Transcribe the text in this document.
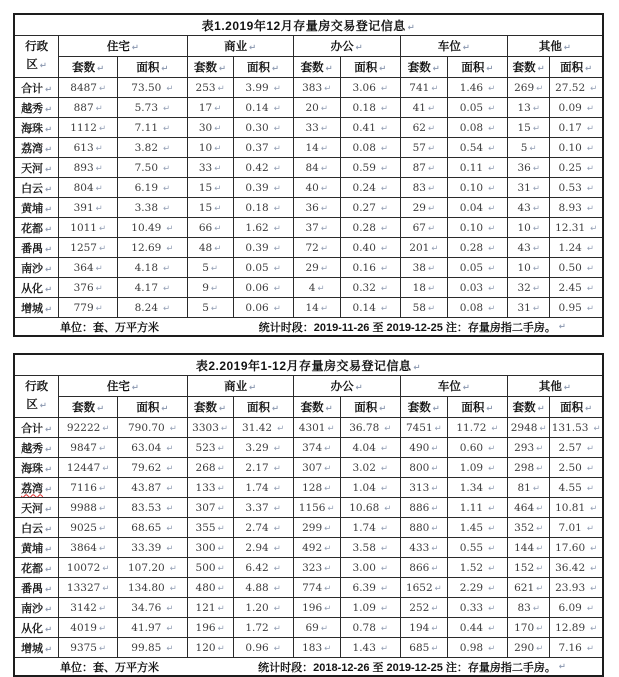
表1.2019年12月存量房交易登记信息 ↵										
行政
区 ↵	住宅 ↵		商业 ↵		办公 ↵		车位 ↵		其他 ↵	
	套数 ↵	面积 ↵	套数 ↵	面积 ↵	套数 ↵	面积 ↵	套数 ↵	面积 ↵	套数 ↵	面积 ↵
合计 ↵	8487 ↵	73.50 ↵	253 ↵	3.99 ↵	383 ↵	3.06 ↵	741 ↵	1.46 ↵	269 ↵	27.52 ↵
越秀 ↵	887 ↵	5.73 ↵	17 ↵	0.14 ↵	20 ↵	0.18 ↵	41 ↵	0.05 ↵	13 ↵	0.09 ↵
海珠 ↵	1112 ↵	7.11 ↵	30 ↵	0.30 ↵	33 ↵	0.41 ↵	62 ↵	0.08 ↵	15 ↵	0.17 ↵
荔湾 ↵	613 ↵	3.82 ↵	10 ↵	0.37 ↵	14 ↵	0.08 ↵	57 ↵	0.54 ↵	5 ↵	0.10 ↵
天河 ↵	893 ↵	7.50 ↵	33 ↵	0.42 ↵	84 ↵	0.59 ↵	87 ↵	0.11 ↵	36 ↵	0.25 ↵
白云 ↵	804 ↵	6.19 ↵	15 ↵	0.39 ↵	40 ↵	0.24 ↵	83 ↵	0.10 ↵	31 ↵	0.53 ↵
黄埔 ↵	391 ↵	3.38 ↵	15 ↵	0.18 ↵	36 ↵	0.27 ↵	29 ↵	0.04 ↵	43 ↵	8.93 ↵
花都 ↵	1011 ↵	10.49 ↵	66 ↵	1.62 ↵	37 ↵	0.28 ↵	67 ↵	0.10 ↵	10 ↵	12.31 ↵
番禺 ↵	1257 ↵	12.69 ↵	48 ↵	0.39 ↵	72 ↵	0.40 ↵	201 ↵	0.28 ↵	43 ↵	1.24 ↵
南沙 ↵	364 ↵	4.18 ↵	5 ↵	0.05 ↵	29 ↵	0.16 ↵	38 ↵	0.05 ↵	10 ↵	0.50 ↵
从化 ↵	376 ↵	4.17 ↵	9 ↵	0.06 ↵	4 ↵	0.32 ↵	18 ↵	0.03 ↵	32 ↵	2.45 ↵
增城 ↵	779 ↵	8.24 ↵	5 ↵	0.06 ↵	14 ↵	0.14 ↵	58 ↵	0.08 ↵	31 ↵	0.95 ↵

单位：套、万平方米 统计时段：2019-11-26 至 2019-12-25 注：存量房指二手房。 ↵										
表2.2019年1-12月存量房交易登记信息 ↵										
行政
区 ↵	住宅 ↵		商业 ↵		办公 ↵		车位 ↵		其他 ↵	
	套数 ↵	面积 ↵	套数 ↵	面积 ↵	套数 ↵	面积 ↵	套数 ↵	面积 ↵	套数 ↵	面积 ↵
合计 ↵	92222 ↵	790.70 ↵	3303 ↵	31.42 ↵	4301 ↵	36.78 ↵	7451 ↵	11.72 ↵	2948 ↵	131.53 ↵
越秀 ↵	9847 ↵	63.04 ↵	523 ↵	3.29 ↵	374 ↵	4.04 ↵	490 ↵	0.60 ↵	293 ↵	2.57 ↵
海珠 ↵	12447 ↵	79.62 ↵	268 ↵	2.17 ↵	307 ↵	3.02 ↵	800 ↵	1.09 ↵	298 ↵	2.50 ↵
荔湾 ↵	7116 ↵	43.87 ↵	133 ↵	1.74 ↵	128 ↵	1.04 ↵	313 ↵	1.34 ↵	81 ↵	4.55 ↵
天河 ↵	9988 ↵	83.53 ↵	307 ↵	3.37 ↵	1156 ↵	10.68 ↵	886 ↵	1.11 ↵	464 ↵	10.81 ↵
白云 ↵	9025 ↵	68.65 ↵	355 ↵	2.74 ↵	299 ↵	1.74 ↵	880 ↵	1.45 ↵	352 ↵	7.01 ↵
黄埔 ↵	3864 ↵	33.39 ↵	300 ↵	2.94 ↵	492 ↵	3.58 ↵	433 ↵	0.55 ↵	144 ↵	17.60 ↵
花都 ↵	10072 ↵	107.20 ↵	500 ↵	6.42 ↵	323 ↵	3.00 ↵	866 ↵	1.52 ↵	152 ↵	36.42 ↵
番禺 ↵	13327 ↵	134.80 ↵	480 ↵	4.88 ↵	774 ↵	6.39 ↵	1652 ↵	2.29 ↵	621 ↵	23.93 ↵
南沙 ↵	3142 ↵	34.76 ↵	121 ↵	1.20 ↵	196 ↵	1.09 ↵	252 ↵	0.33 ↵	83 ↵	6.09 ↵
从化 ↵	4019 ↵	41.97 ↵	196 ↵	1.72 ↵	69 ↵	0.78 ↵	194 ↵	0.44 ↵	170 ↵	12.89 ↵
增城 ↵	9375 ↵	99.85 ↵	120 ↵	0.96 ↵	183 ↵	1.43 ↵	685 ↵	0.98 ↵	290 ↵	7.16 ↵

单位：套、万平方米 统计时段：2018-12-26 至 2019-12-25 注：存量房指二手房。 ↵										
